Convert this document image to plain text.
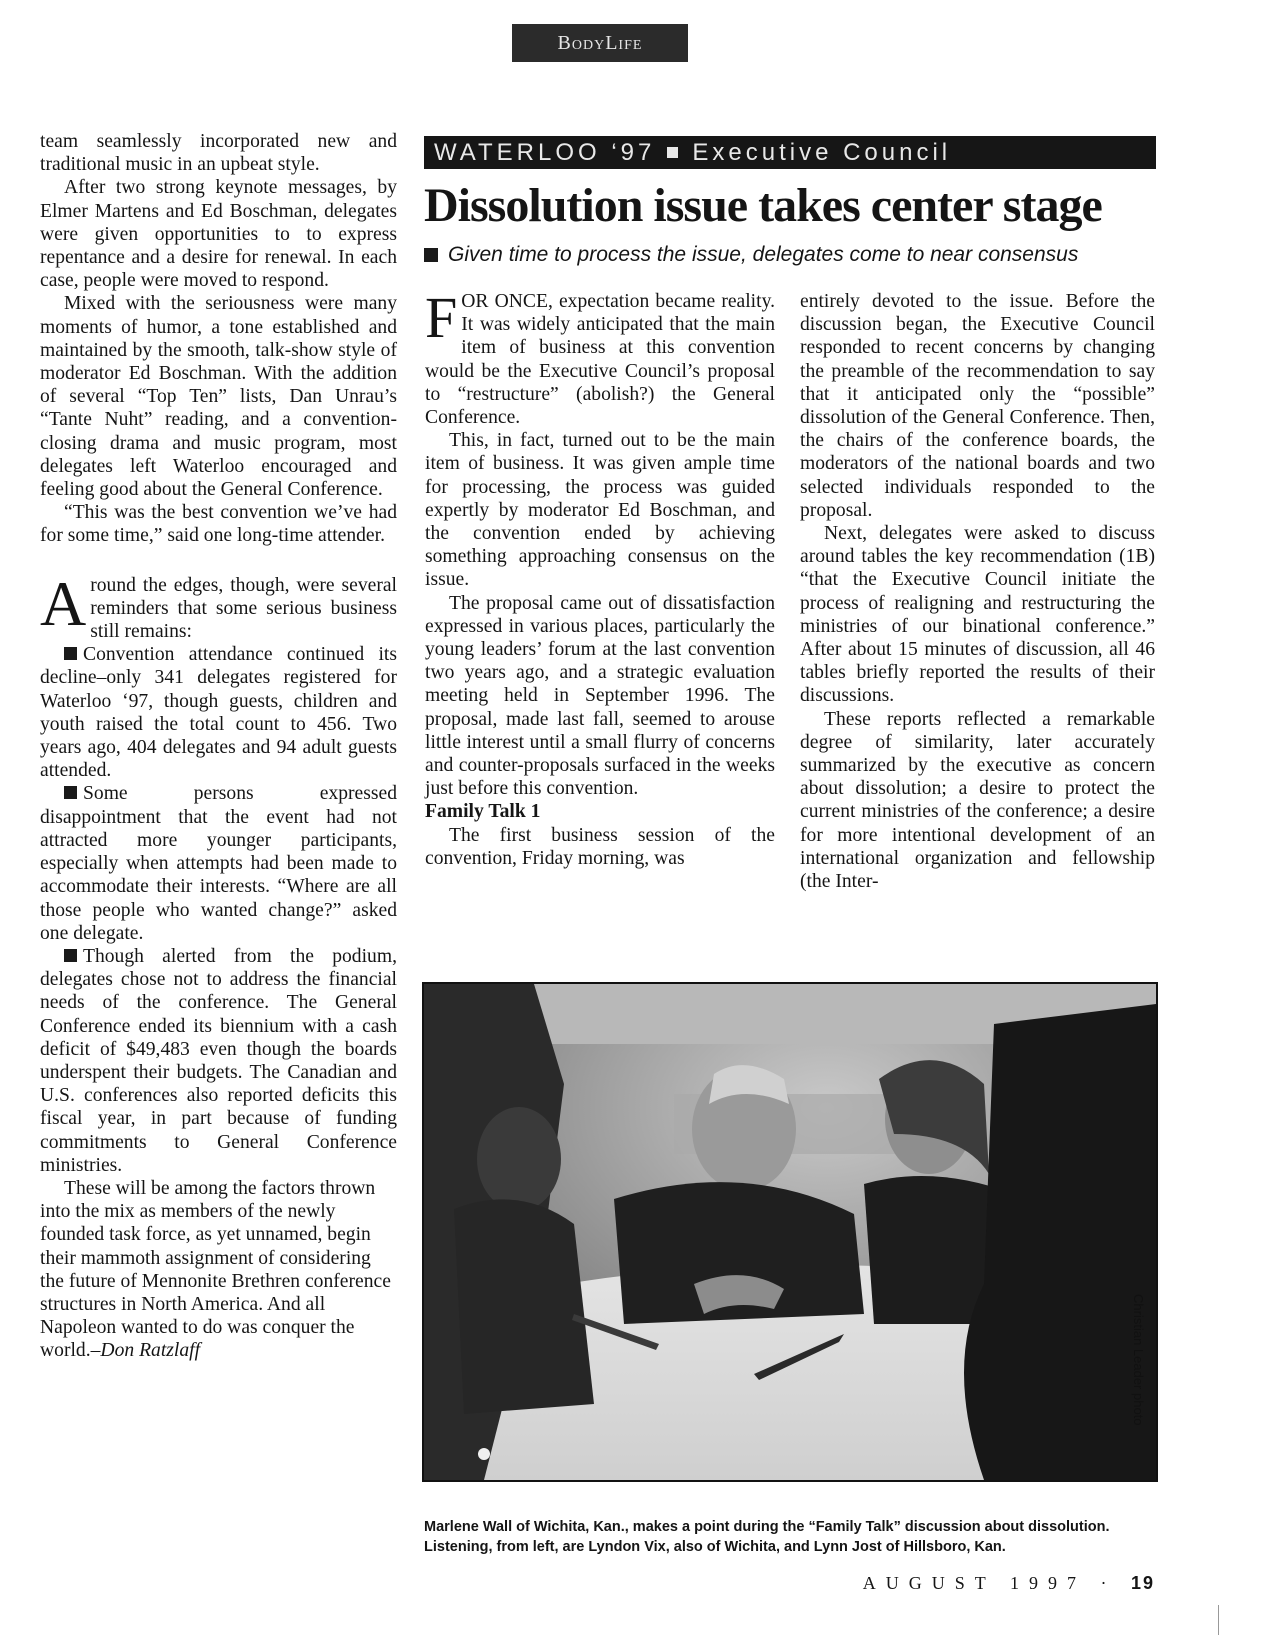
BodyLife

team seamlessly incorporated new and traditional music in an upbeat style.

After two strong keynote messages, by Elmer Martens and Ed Boschman, delegates were given opportunities to to express repentance and a desire for renewal. In each case, people were moved to respond.

Mixed with the seriousness were many moments of humor, a tone established and maintained by the smooth, talk-show style of moderator Ed Boschman. With the addition of several “Top Ten” lists, Dan Unrau’s “Tante Nuht” reading, and a convention-closing drama and music program, most delegates left Waterloo encouraged and feeling good about the General Conference.

“This was the best convention we’ve had for some time,” said one long-time attender.

Around the edges, though, were several reminders that some serious business still remains:

Convention attendance continued its decline–only 341 delegates registered for Waterloo ‘97, though guests, children and youth raised the total count to 456. Two years ago, 404 delegates and 94 adult guests attended.

Some persons expressed disappointment that the event had not attracted more younger participants, especially when attempts had been made to accommodate their interests. “Where are all those people who wanted change?” asked one delegate.

Though alerted from the podium, delegates chose not to address the financial needs of the conference. The General Conference ended its biennium with a cash deficit of $49,483 even though the boards underspent their budgets. The Canadian and U.S. conferences also reported deficits this fiscal year, in part because of funding commitments to General Conference ministries.

These will be among the factors thrown into the mix as members of the newly founded task force, as yet unnamed, begin their mammoth assignment of considering the future of Mennonite Brethren conference structures in North America. And all Napoleon wanted to do was conquer the world.–Don Ratzlaff

WATERLOO ‘97 Executive Council
Dissolution issue takes center stage
Given time to process the issue, delegates come to near consensus

FOR ONCE, expectation became reality. It was widely anticipated that the main item of business at this convention would be the Executive Council’s proposal to “restructure” (abolish?) the General Conference.

This, in fact, turned out to be the main item of business. It was given ample time for processing, the process was guided expertly by moderator Ed Boschman, and the convention ended by achieving something approaching consensus on the issue.

The proposal came out of dissatisfaction expressed in various places, particularly the young leaders’ forum at the last convention two years ago, and a strategic evaluation meeting held in September 1996. The proposal, made last fall, seemed to arouse little interest until a small flurry of concerns and counter-proposals surfaced in the weeks just before this convention.

Family Talk 1

The first business session of the convention, Friday morning, was

entirely devoted to the issue. Before the discussion began, the Executive Council responded to recent concerns by changing the preamble of the recommendation to say that it anticipated only the “possible” dissolution of the General Conference. Then, the chairs of the conference boards, the moderators of the national boards and two selected individuals responded to the proposal.

Next, delegates were asked to discuss around tables the key recommendation (1B) “that the Executive Council initiate the process of realigning and restructuring the ministries of our binational conference.” After about 15 minutes of discussion, all 46 tables briefly reported the results of their discussions.

These reports reflected a remarkable degree of similarity, later accurately summarized by the executive as concern about dissolution; a desire to protect the current ministries of the conference; a desire for more intentional development of an international organization and fellowship (the Inter-

Christian Leader photo
Marlene Wall of Wichita, Kan., makes a point during the “Family Talk” discussion about dissolution. Listening, from left, are Lyndon Vix, also of Wichita, and Lynn Jost of Hillsboro, Kan.
AUGUST 1997 · 19
